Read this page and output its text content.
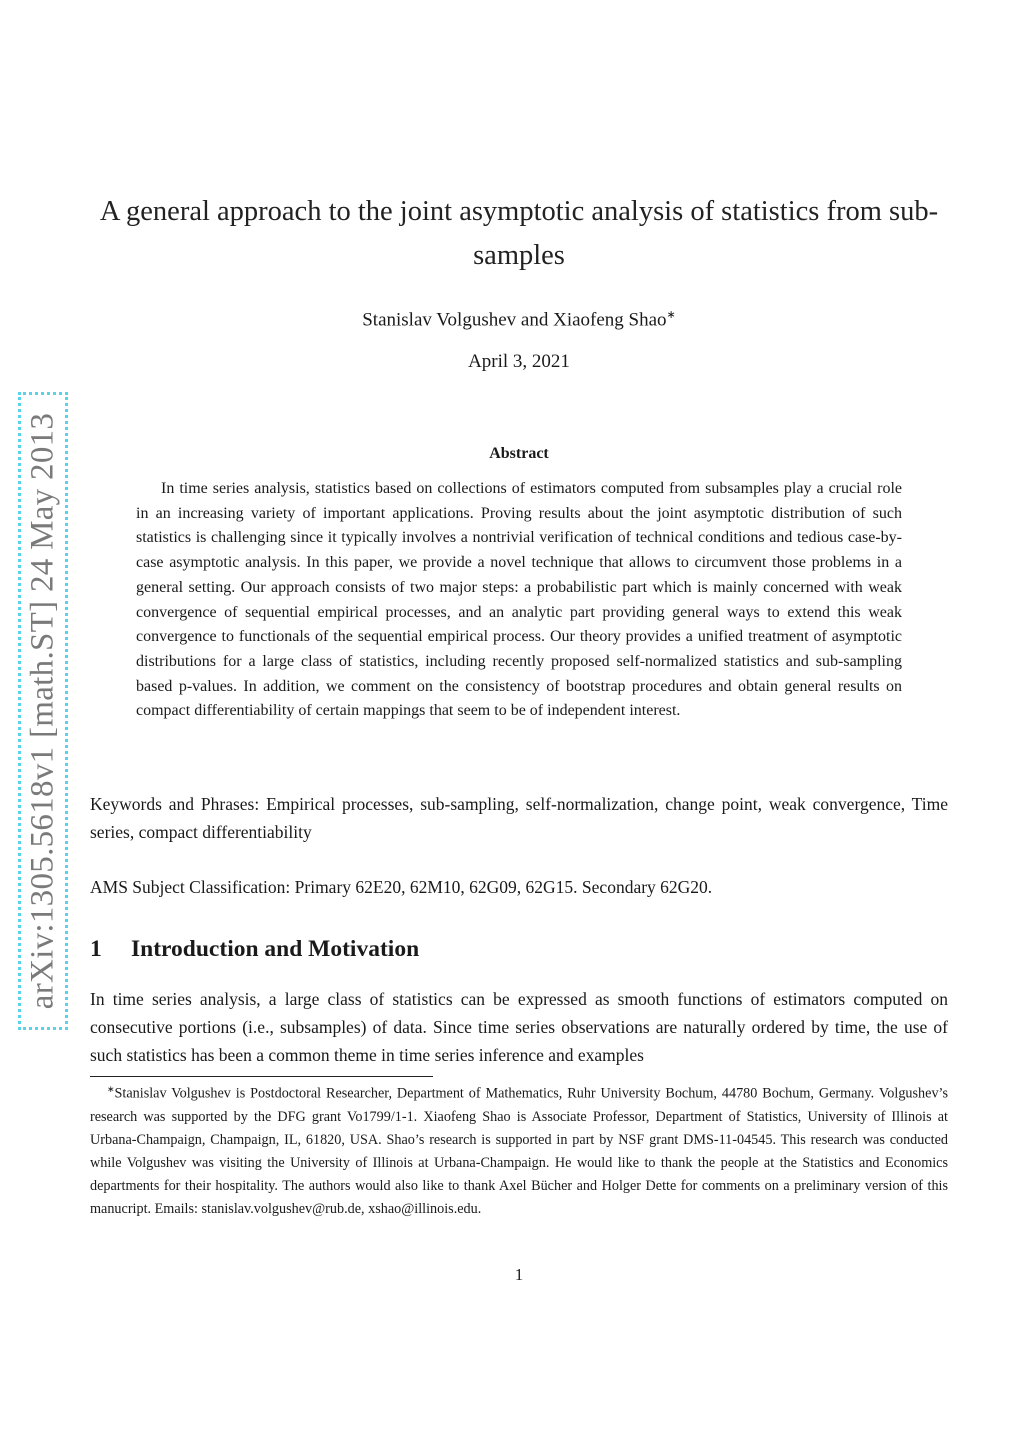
arXiv:1305.5618v1 [math.ST] 24 May 2013
A general approach to the joint asymptotic analysis of statistics from sub-samples
Stanislav Volgushev and Xiaofeng Shao∗
April 3, 2021
Abstract

In time series analysis, statistics based on collections of estimators computed from subsamples play a crucial role in an increasing variety of important applications. Proving results about the joint asymptotic distribution of such statistics is challenging since it typically involves a nontrivial verification of technical conditions and tedious case-by-case asymptotic analysis. In this paper, we provide a novel technique that allows to circumvent those problems in a general setting. Our approach consists of two major steps: a probabilistic part which is mainly concerned with weak convergence of sequential empirical processes, and an analytic part providing general ways to extend this weak convergence to functionals of the sequential empirical process. Our theory provides a unified treatment of asymptotic distributions for a large class of statistics, including recently proposed self-normalized statistics and sub-sampling based p-values. In addition, we comment on the consistency of bootstrap procedures and obtain general results on compact differentiability of certain mappings that seem to be of independent interest.

Keywords and Phrases: Empirical processes, sub-sampling, self-normalization, change point, weak convergence, Time series, compact differentiability

AMS Subject Classification: Primary 62E20, 62M10, 62G09, 62G15. Secondary 62G20.

1 Introduction and Motivation

In time series analysis, a large class of statistics can be expressed as smooth functions of estimators computed on consecutive portions (i.e., subsamples) of data. Since time series observations are naturally ordered by time, the use of such statistics has been a common theme in time series inference and examples

∗Stanislav Volgushev is Postdoctoral Researcher, Department of Mathematics, Ruhr University Bochum, 44780 Bochum, Germany. Volgushev’s research was supported by the DFG grant Vo1799/1-1. Xiaofeng Shao is Associate Professor, Department of Statistics, University of Illinois at Urbana-Champaign, Champaign, IL, 61820, USA. Shao’s research is supported in part by NSF grant DMS-11-04545. This research was conducted while Volgushev was visiting the University of Illinois at Urbana-Champaign. He would like to thank the people at the Statistics and Economics departments for their hospitality. The authors would also like to thank Axel Bücher and Holger Dette for comments on a preliminary version of this manucript. Emails: stanislav.volgushev@rub.de, xshao@illinois.edu.

1
